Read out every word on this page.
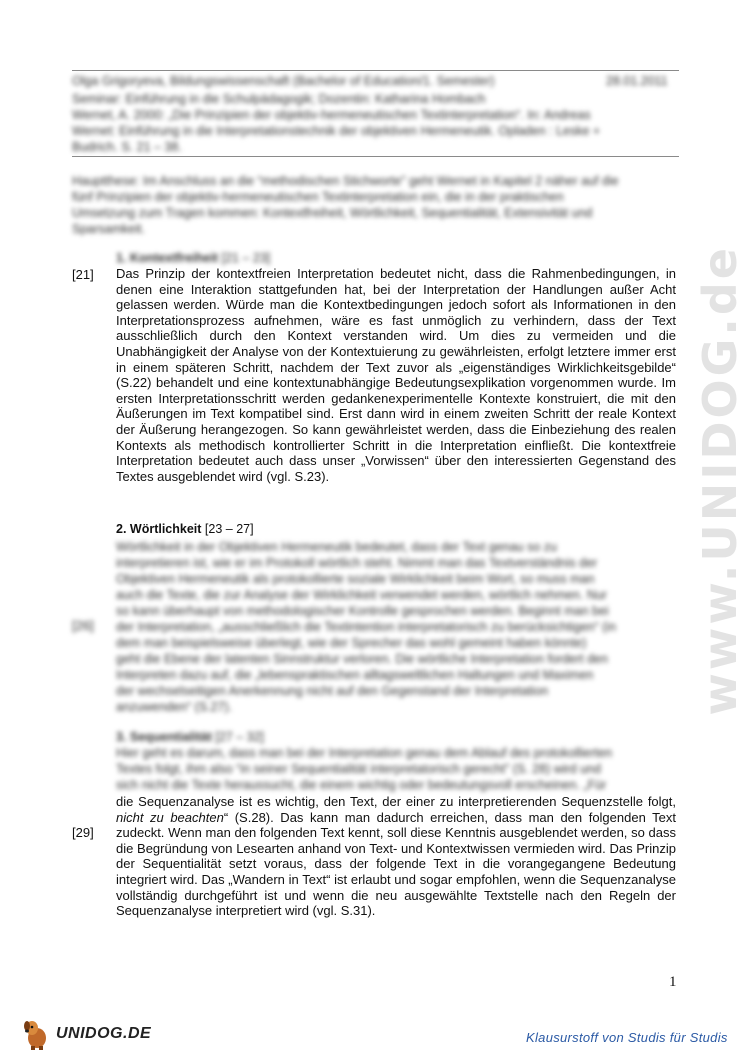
Olga Grigoryeva, Bildungswissenschaft (Bachelor of Education/1. Semester)	28.01.2011
Seminar: Einführung in die Schulpädagogik; Dozentin: Katharina Hombach
Wernet, A. 2000: „Die Prinzipien der objektiv-hermeneutischen Textinterpretation“. In: Andreas
Wernet: Einführung in die Interpretationstechnik der objektiven Hermeneutik. Opladen : Leske +
Budrich. S. 21 – 38.
Hauptthese: Im Anschluss an die “methodischen Stichworte” geht Wernet in Kapitel 2 näher auf die
fünf Prinzipien der objektiv-hermeneutischen Textinterpretation ein, die in der praktischen
Umsetzung zum Tragen kommen: Kontextfreiheit, Wörtlichkeit, Sequentialität, Extensivität und
Sparsamkeit.
1. Kontextfreiheit [21 – 23]
[21] Das Prinzip der kontextfreien Interpretation bedeutet nicht, dass die Rahmenbedingungen, in denen eine Interaktion stattgefunden hat, bei der Interpretation der Handlungen außer Acht gelassen werden. Würde man die Kontextbedingungen jedoch sofort als Informationen in den Interpretationsprozess aufnehmen, wäre es fast unmöglich zu verhindern, dass der Text ausschließlich durch den Kontext verstanden wird. Um dies zu vermeiden und die Unabhängigkeit der Analyse von der Kontextuierung zu gewährleisten, erfolgt letztere immer erst in einem späteren Schritt, nachdem der Text zuvor als „eigenständiges Wirklichkeitsgebilde“ (S.22) behandelt und eine kontextunabhängige Bedeutungsexplikation vorgenommen wurde. Im ersten Interpretationsschritt werden gedankenexperimentelle Kontexte konstruiert, die mit den Äußerungen im Text kompatibel sind. Erst dann wird in einem zweiten Schritt der reale Kontext der Äußerung herangezogen. So kann gewährleistet werden, dass die Einbeziehung des realen Kontexts als methodisch kontrollierter Schritt in die Interpretation einfließt. Die kontextfreie Interpretation bedeutet auch dass unser „Vorwissen“ über den interessierten Gegenstand des Textes ausgeblendet wird (vgl. S.23).

2. Wörtlichkeit [23 – 27]
[26]
Wörtlichkeit in der Objektiven Hermeneutik bedeutet, dass der Text genau so zu
interpretieren ist, wie er im Protokoll wörtlich steht. Nimmt man das Textverständnis der
Objektiven Hermeneutik als protokollierte soziale Wirklichkeit beim Wort, so muss man
auch die Texte, die zur Analyse der Wirklichkeit verwendet werden, wörtlich nehmen. Nur
so kann überhaupt von methodologischer Kontrolle gesprochen werden. Beginnt man bei
der Interpretation, „ausschließlich die Textintention interpretatorisch zu berücksichtigen“ (in
dem man beispielsweise überlegt, wie der Sprecher das wohl gemeint haben könnte)
geht die Ebene der latenten Sinnstruktur verloren. Die wörtliche Interpretation fordert den
Interpreten dazu auf, die „lebenspraktischen alltagsweltlichen Haltungen und Maximen
der wechselseitigen Anerkennung nicht auf den Gegenstand der Interpretation
anzuwenden“ (S.27).
3. Sequentialität [27 – 32]
Hier geht es darum, dass man bei der Interpretation genau dem Ablauf des protokollierten
Textes folgt, ihm also “in seiner Sequentialität interpretatorisch gerecht” (S. 28) wird und
sich nicht die Texte heraussucht, die einem wichtig oder bedeutungsvoll erscheinen. „Für
[29]

die Sequenzanalyse ist es wichtig, den Text, der einer zu interpretierenden Sequenzstelle folgt, nicht zu beachten“ (S.28). Das kann man dadurch erreichen, dass man den folgenden Text zudeckt. Wenn man den folgenden Text kennt, soll diese Kenntnis ausgeblendet werden, so dass die Begründung von Lesearten anhand von Text- und Kontextwissen vermieden wird. Das Prinzip der Sequentialität setzt voraus, dass der folgende Text in die vorangegangene Bedeutung integriert wird. Das „Wandern in Text“ ist erlaubt und sogar empfohlen, wenn die Sequenzanalyse vollständig durchgeführt ist und wenn die neu ausgewählte Textstelle nach den Regeln der Sequenzanalyse interpretiert wird (vgl. S.31).

www.UNIDOG.de
1
UNIDOG.DE	Klausurstoff von Studis für Studis
